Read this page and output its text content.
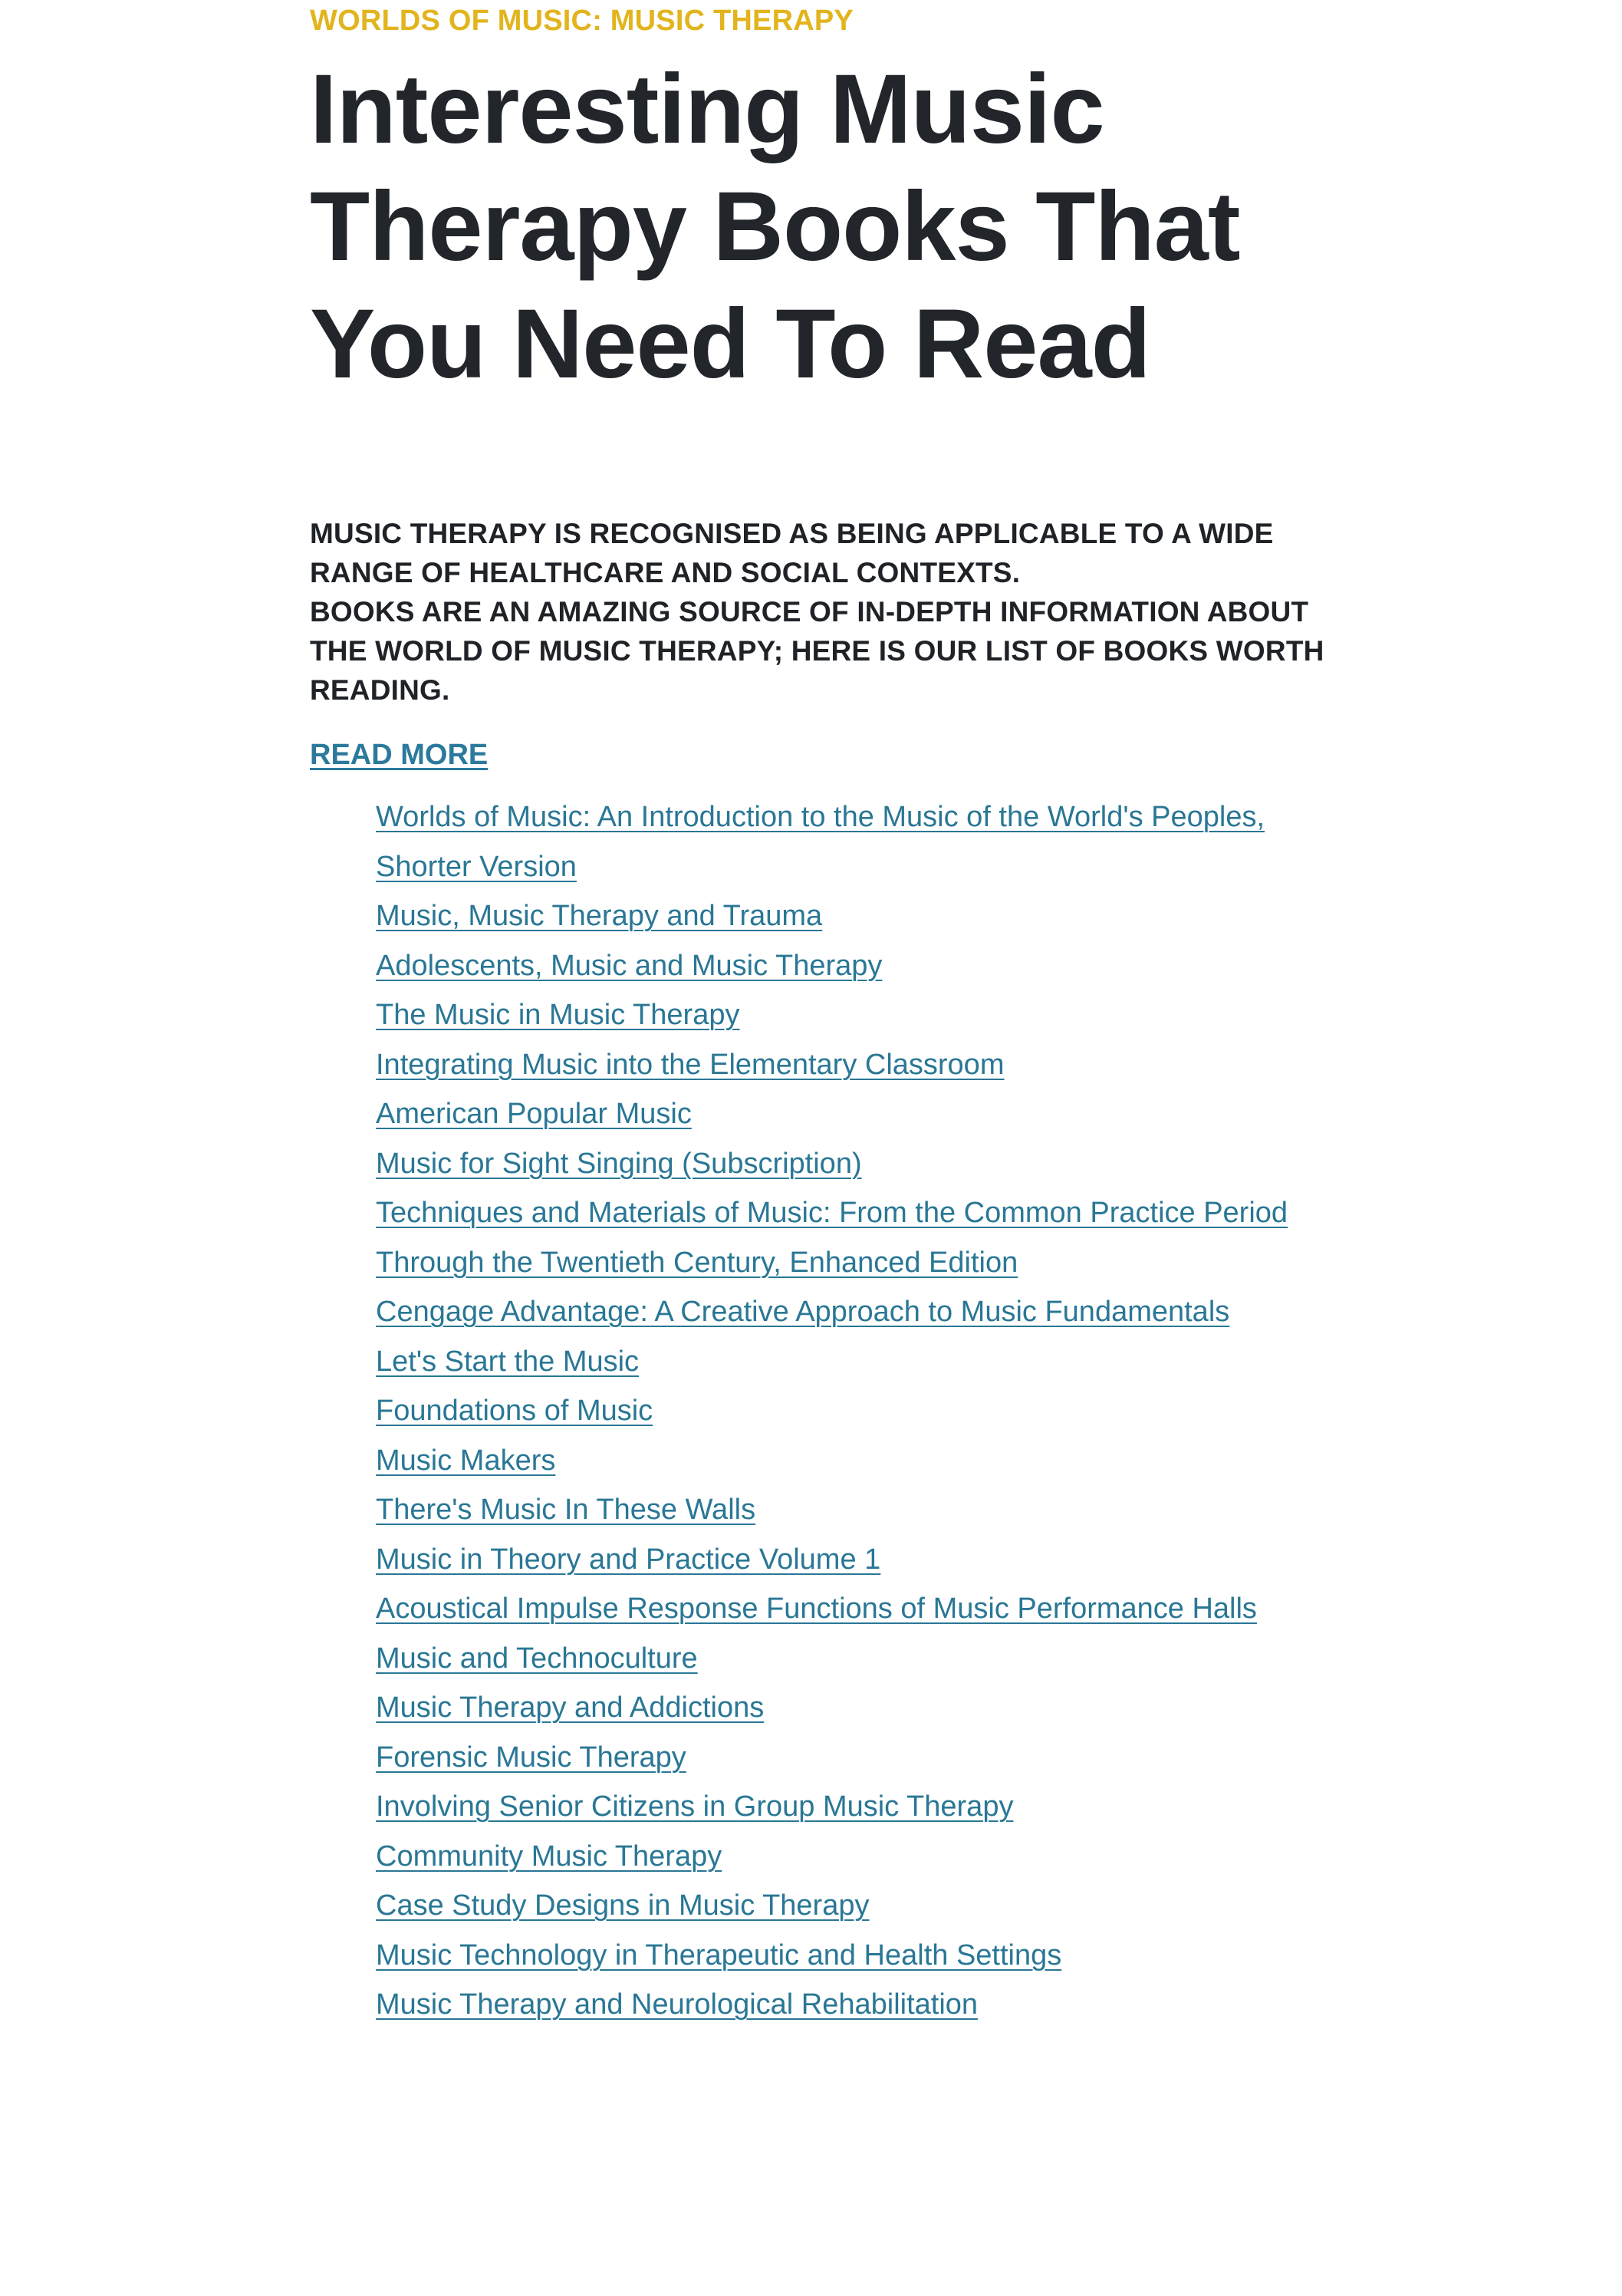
WORLDS OF MUSIC: MUSIC THERAPY
Interesting Music Therapy Books That You Need To Read

MUSIC THERAPY IS RECOGNISED AS BEING APPLICABLE TO A WIDE RANGE OF HEALTHCARE AND SOCIAL CONTEXTS.

BOOKS ARE AN AMAZING SOURCE OF IN-DEPTH INFORMATION ABOUT THE WORLD OF MUSIC THERAPY; HERE IS OUR LIST OF BOOKS WORTH READING.

READ MORE
Worlds of Music: An Introduction to the Music of the World's Peoples, Shorter Version
Music, Music Therapy and Trauma
Adolescents, Music and Music Therapy
The Music in Music Therapy
Integrating Music into the Elementary Classroom
American Popular Music
Music for Sight Singing (Subscription)
Techniques and Materials of Music: From the Common Practice Period Through the Twentieth Century, Enhanced Edition
Cengage Advantage: A Creative Approach to Music Fundamentals
Let's Start the Music
Foundations of Music
Music Makers
There's Music In These Walls
Music in Theory and Practice Volume 1
Acoustical Impulse Response Functions of Music Performance Halls
Music and Technoculture
Music Therapy and Addictions
Forensic Music Therapy
Involving Senior Citizens in Group Music Therapy
Community Music Therapy
Case Study Designs in Music Therapy
Music Technology in Therapeutic and Health Settings
Music Therapy and Neurological Rehabilitation
